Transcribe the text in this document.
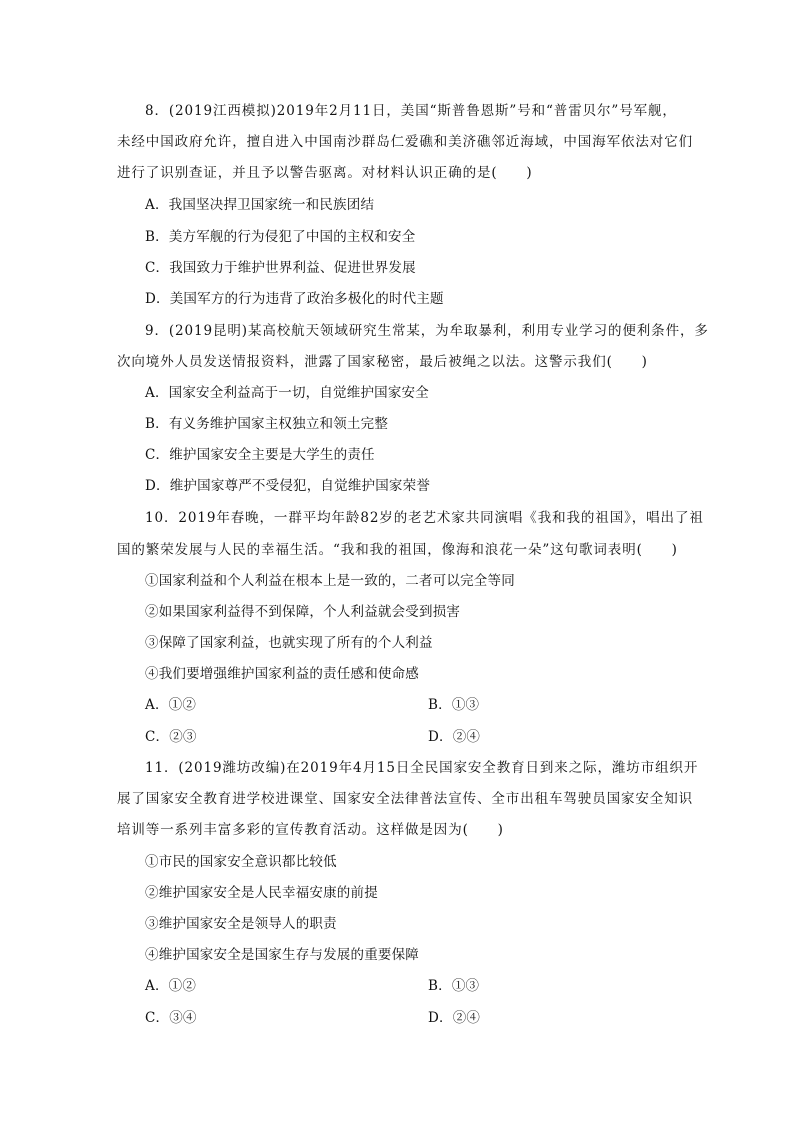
8．(2019江西模拟)2019年2月11日，美国“斯普鲁恩斯”号和“普雷贝尔”号军舰，
未经中国政府允许，擅自进入中国南沙群岛仁爱礁和美济礁邻近海域，中国海军依法对它们
进行了识别查证，并且予以警告驱离。对材料认识正确的是(　　)
A．我国坚决捍卫国家统一和民族团结
B．美方军舰的行为侵犯了中国的主权和安全
C．我国致力于维护世界利益、促进世界发展
D．美国军方的行为违背了政治多极化的时代主题
9．(2019昆明)某高校航天领域研究生常某，为牟取暴利，利用专业学习的便利条件，多
次向境外人员发送情报资料，泄露了国家秘密，最后被绳之以法。这警示我们(　　)
A．国家安全利益高于一切，自觉维护国家安全
B．有义务维护国家主权独立和领土完整
C．维护国家安全主要是大学生的责任
D．维护国家尊严不受侵犯，自觉维护国家荣誉
10．2019年春晚，一群平均年龄82岁的老艺术家共同演唱《我和我的祖国》，唱出了祖
国的繁荣发展与人民的幸福生活。“我和我的祖国，像海和浪花一朵”这句歌词表明(　　)
①国家利益和个人利益在根本上是一致的，二者可以完全等同
②如果国家利益得不到保障，个人利益就会受到损害
③保障了国家利益，也就实现了所有的个人利益
④我们要增强维护国家利益的责任感和使命感
A．①②	B．①③
C．②③	D．②④
11．(2019潍坊改编)在2019年4月15日全民国家安全教育日到来之际，潍坊市组织开
展了国家安全教育进学校进课堂、国家安全法律普法宣传、全市出租车驾驶员国家安全知识
培训等一系列丰富多彩的宣传教育活动。这样做是因为(　　)
①市民的国家安全意识都比较低
②维护国家安全是人民幸福安康的前提
③维护国家安全是领导人的职责
④维护国家安全是国家生存与发展的重要保障
A．①②	B．①③
C．③④	D．②④
